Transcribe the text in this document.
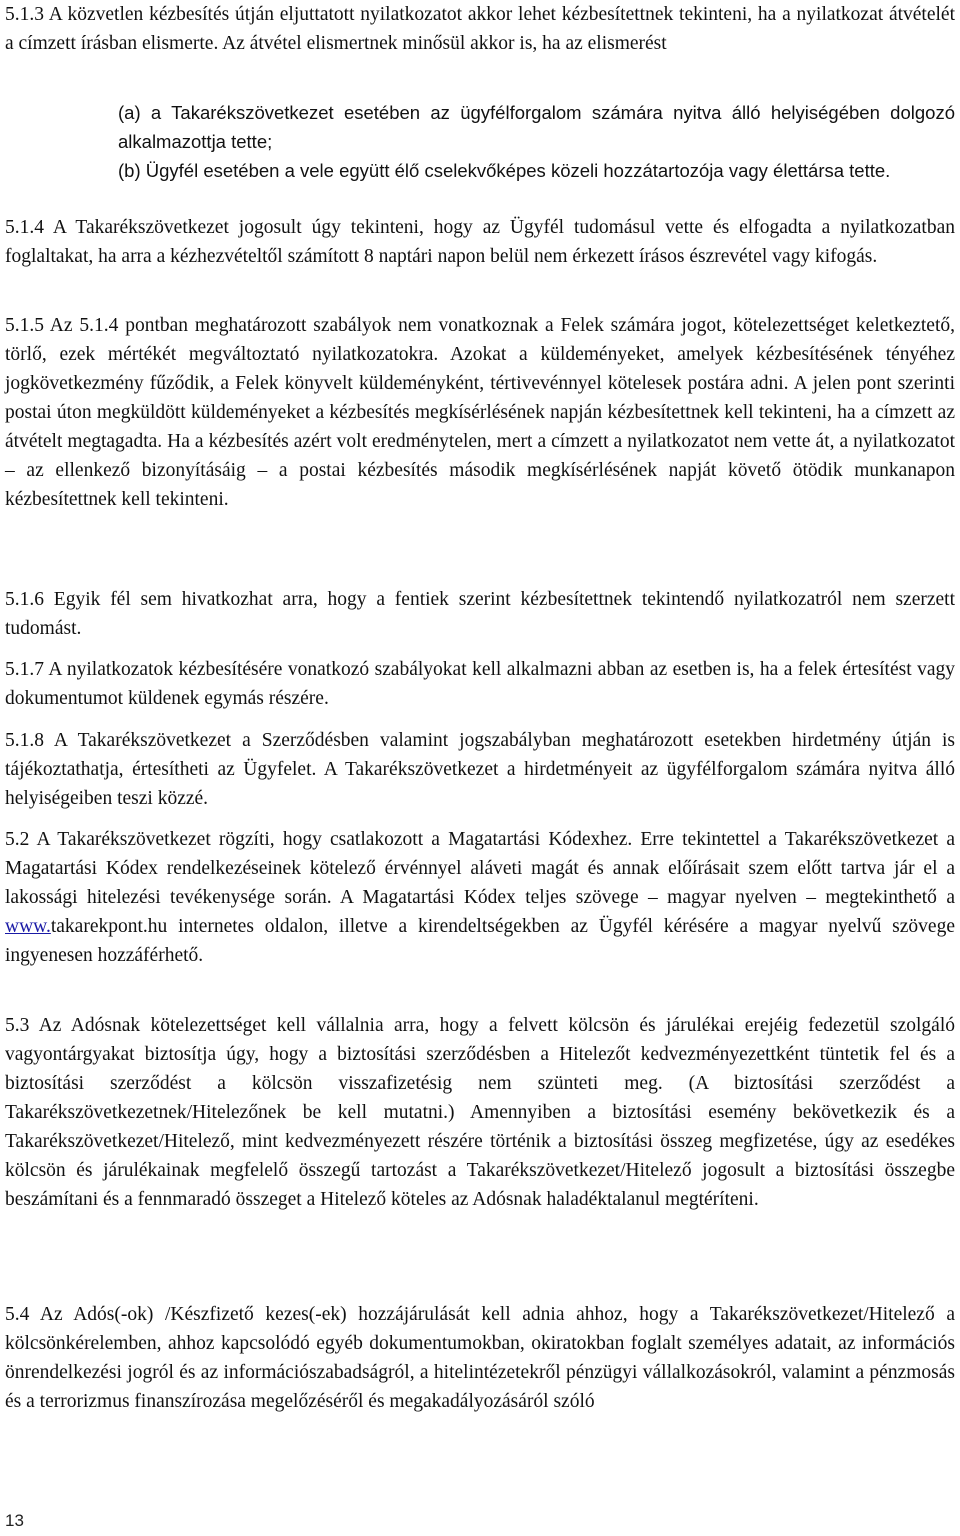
5.1.3 A közvetlen kézbesítés útján eljuttatott nyilatkozatot akkor lehet kézbesítettnek tekinteni, ha a nyilatkozat átvételét a címzett írásban elismerte. Az átvétel elismertnek minősül akkor is, ha az elismerést
(a) a Takarékszövetkezet esetében az ügyfélforgalom számára nyitva álló helyiségében dolgozó alkalmazottja tette;
(b) Ügyfél esetében a vele együtt élő cselekvőképes közeli hozzátartozója vagy élettársa tette.
5.1.4 A Takarékszövetkezet jogosult úgy tekinteni, hogy az Ügyfél tudomásul vette és elfogadta a nyilatkozatban foglaltakat, ha arra a kézhezvételtől számított 8 naptári napon belül nem érkezett írásos észrevétel vagy kifogás.
5.1.5 Az 5.1.4 pontban meghatározott szabályok nem vonatkoznak a Felek számára jogot, kötelezettséget keletkeztető, törlő, ezek mértékét megváltoztató nyilatkozatokra. Azokat a küldeményeket, amelyek kézbesítésének tényéhez jogkövetkezmény fűződik, a Felek könyvelt küldeményként, tértivevénnyel kötelesek postára adni. A jelen pont szerinti postai úton megküldött küldeményeket a kézbesítés megkísérlésének napján kézbesítettnek kell tekinteni, ha a címzett az átvételt megtagadta. Ha a kézbesítés azért volt eredménytelen, mert a címzett a nyilatkozatot nem vette át, a nyilatkozatot – az ellenkező bizonyításáig – a postai kézbesítés második megkísérlésének napját követő ötödik munkanapon kézbesítettnek kell tekinteni.
5.1.6 Egyik fél sem hivatkozhat arra, hogy a fentiek szerint kézbesítettnek tekintendő nyilatkozatról nem szerzett tudomást.
5.1.7 A nyilatkozatok kézbesítésére vonatkozó szabályokat kell alkalmazni abban az esetben is, ha a felek értesítést vagy dokumentumot küldenek egymás részére.
5.1.8 A Takarékszövetkezet a Szerződésben valamint jogszabályban meghatározott esetekben hirdetmény útján is tájékoztathatja, értesítheti az Ügyfelet. A Takarékszövetkezet a hirdetményeit az ügyfélforgalom számára nyitva álló helyiségeiben teszi közzé.
5.2 A Takarékszövetkezet rögzíti, hogy csatlakozott a Magatartási Kódexhez. Erre tekintettel a Takarékszövetkezet a Magatartási Kódex rendelkezéseinek kötelező érvénnyel aláveti magát és annak előírásait szem előtt tartva jár el a lakossági hitelezési tevékenysége során. A Magatartási Kódex teljes szövege – magyar nyelven – megtekinthető a www.takarekpont.hu internetes oldalon, illetve a kirendeltségekben az Ügyfél kérésére a magyar nyelvű szövege ingyenesen hozzáférhető.
5.3 Az Adósnak kötelezettséget kell vállalnia arra, hogy a felvett kölcsön és járulékai erejéig fedezetül szolgáló vagyontárgyakat biztosítja úgy, hogy a biztosítási szerződésben a Hitelezőt kedvezményezettként tüntetik fel és a biztosítási szerződést a kölcsön visszafizetésig nem szünteti meg. (A biztosítási szerződést a Takarékszövetkezetnek/Hitelezőnek be kell mutatni.) Amennyiben a biztosítási esemény bekövetkezik és a Takarékszövetkezet/Hitelező, mint kedvezményezett részére történik a biztosítási összeg megfizetése, úgy az esedékes kölcsön és járulékainak megfelelő összegű tartozást a Takarékszövetkezet/Hitelező jogosult a biztosítási összegbe beszámítani és a fennmaradó összeget a Hitelező köteles az Adósnak haladéktalanul megtéríteni.
5.4 Az Adós(-ok) /Készfizető kezes(-ek) hozzájárulását kell adnia ahhoz, hogy a Takarékszövetkezet/Hitelező a kölcsönkérelemben, ahhoz kapcsolódó egyéb dokumentumokban, okiratokban foglalt személyes adatait, az információs önrendelkezési jogról és az információszabadságról, a hitelintézetekről pénzügyi vállalkozásokról, valamint a pénzmosás és a terrorizmus finanszírozása megelőzéséről és megakadályozásáról szóló
13
